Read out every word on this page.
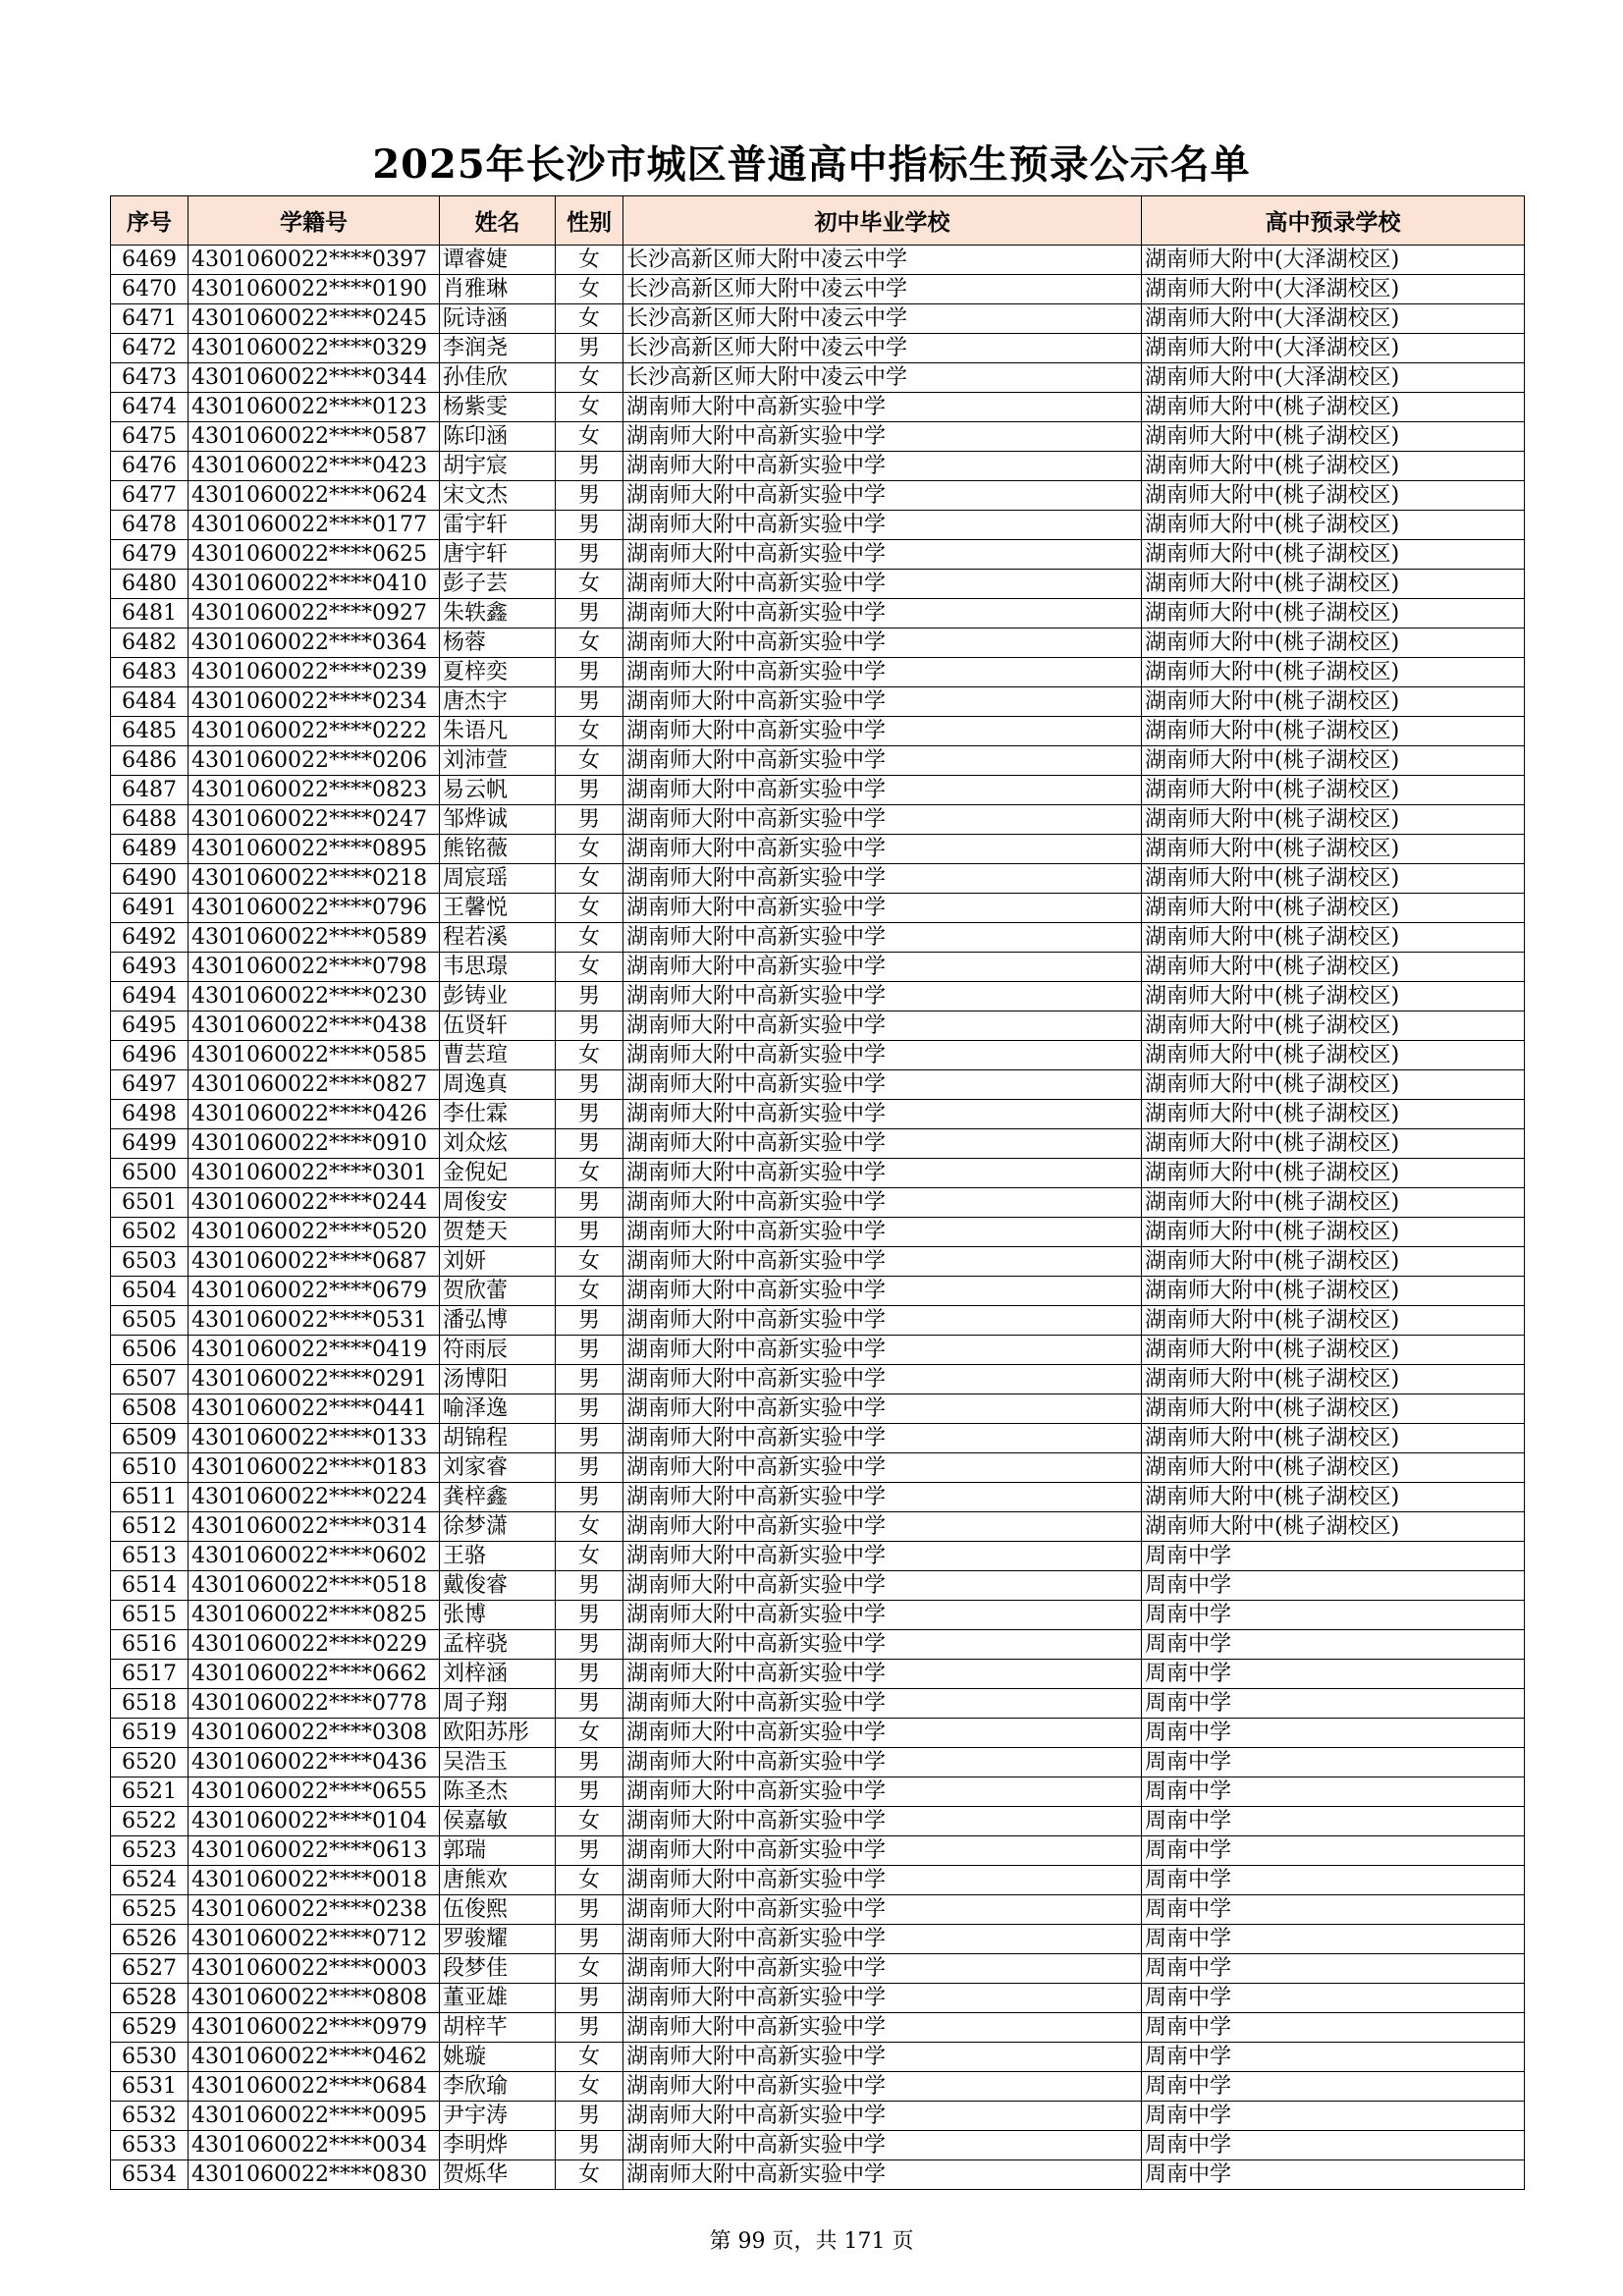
2025年长沙市城区普通高中指标生预录公示名单
序号	学籍号	姓名	性别	初中毕业学校	高中预录学校
6469	4301060022****0397	谭睿婕	女	长沙高新区师大附中凌云中学	湖南师大附中(大泽湖校区)
6470	4301060022****0190	肖雅琳	女	长沙高新区师大附中凌云中学	湖南师大附中(大泽湖校区)
6471	4301060022****0245	阮诗涵	女	长沙高新区师大附中凌云中学	湖南师大附中(大泽湖校区)
6472	4301060022****0329	李润尧	男	长沙高新区师大附中凌云中学	湖南师大附中(大泽湖校区)
6473	4301060022****0344	孙佳欣	女	长沙高新区师大附中凌云中学	湖南师大附中(大泽湖校区)
6474	4301060022****0123	杨紫雯	女	湖南师大附中高新实验中学	湖南师大附中(桃子湖校区)
6475	4301060022****0587	陈印涵	女	湖南师大附中高新实验中学	湖南师大附中(桃子湖校区)
6476	4301060022****0423	胡宇宸	男	湖南师大附中高新实验中学	湖南师大附中(桃子湖校区)
6477	4301060022****0624	宋文杰	男	湖南师大附中高新实验中学	湖南师大附中(桃子湖校区)
6478	4301060022****0177	雷宇轩	男	湖南师大附中高新实验中学	湖南师大附中(桃子湖校区)
6479	4301060022****0625	唐宇轩	男	湖南师大附中高新实验中学	湖南师大附中(桃子湖校区)
6480	4301060022****0410	彭子芸	女	湖南师大附中高新实验中学	湖南师大附中(桃子湖校区)
6481	4301060022****0927	朱轶鑫	男	湖南师大附中高新实验中学	湖南师大附中(桃子湖校区)
6482	4301060022****0364	杨蓉	女	湖南师大附中高新实验中学	湖南师大附中(桃子湖校区)
6483	4301060022****0239	夏梓奕	男	湖南师大附中高新实验中学	湖南师大附中(桃子湖校区)
6484	4301060022****0234	唐杰宇	男	湖南师大附中高新实验中学	湖南师大附中(桃子湖校区)
6485	4301060022****0222	朱语凡	女	湖南师大附中高新实验中学	湖南师大附中(桃子湖校区)
6486	4301060022****0206	刘沛萱	女	湖南师大附中高新实验中学	湖南师大附中(桃子湖校区)
6487	4301060022****0823	易云帆	男	湖南师大附中高新实验中学	湖南师大附中(桃子湖校区)
6488	4301060022****0247	邹烨诚	男	湖南师大附中高新实验中学	湖南师大附中(桃子湖校区)
6489	4301060022****0895	熊铭薇	女	湖南师大附中高新实验中学	湖南师大附中(桃子湖校区)
6490	4301060022****0218	周宸瑶	女	湖南师大附中高新实验中学	湖南师大附中(桃子湖校区)
6491	4301060022****0796	王馨悦	女	湖南师大附中高新实验中学	湖南师大附中(桃子湖校区)
6492	4301060022****0589	程若溪	女	湖南师大附中高新实验中学	湖南师大附中(桃子湖校区)
6493	4301060022****0798	韦思璟	女	湖南师大附中高新实验中学	湖南师大附中(桃子湖校区)
6494	4301060022****0230	彭铸业	男	湖南师大附中高新实验中学	湖南师大附中(桃子湖校区)
6495	4301060022****0438	伍贤轩	男	湖南师大附中高新实验中学	湖南师大附中(桃子湖校区)
6496	4301060022****0585	曹芸瑄	女	湖南师大附中高新实验中学	湖南师大附中(桃子湖校区)
6497	4301060022****0827	周逸真	男	湖南师大附中高新实验中学	湖南师大附中(桃子湖校区)
6498	4301060022****0426	李仕霖	男	湖南师大附中高新实验中学	湖南师大附中(桃子湖校区)
6499	4301060022****0910	刘众炫	男	湖南师大附中高新实验中学	湖南师大附中(桃子湖校区)
6500	4301060022****0301	金倪妃	女	湖南师大附中高新实验中学	湖南师大附中(桃子湖校区)
6501	4301060022****0244	周俊安	男	湖南师大附中高新实验中学	湖南师大附中(桃子湖校区)
6502	4301060022****0520	贺楚天	男	湖南师大附中高新实验中学	湖南师大附中(桃子湖校区)
6503	4301060022****0687	刘妍	女	湖南师大附中高新实验中学	湖南师大附中(桃子湖校区)
6504	4301060022****0679	贺欣蕾	女	湖南师大附中高新实验中学	湖南师大附中(桃子湖校区)
6505	4301060022****0531	潘弘博	男	湖南师大附中高新实验中学	湖南师大附中(桃子湖校区)
6506	4301060022****0419	符雨辰	男	湖南师大附中高新实验中学	湖南师大附中(桃子湖校区)
6507	4301060022****0291	汤博阳	男	湖南师大附中高新实验中学	湖南师大附中(桃子湖校区)
6508	4301060022****0441	喻泽逸	男	湖南师大附中高新实验中学	湖南师大附中(桃子湖校区)
6509	4301060022****0133	胡锦程	男	湖南师大附中高新实验中学	湖南师大附中(桃子湖校区)
6510	4301060022****0183	刘家睿	男	湖南师大附中高新实验中学	湖南师大附中(桃子湖校区)
6511	4301060022****0224	龚梓鑫	男	湖南师大附中高新实验中学	湖南师大附中(桃子湖校区)
6512	4301060022****0314	徐梦潇	女	湖南师大附中高新实验中学	湖南师大附中(桃子湖校区)
6513	4301060022****0602	王骆	女	湖南师大附中高新实验中学	周南中学
6514	4301060022****0518	戴俊睿	男	湖南师大附中高新实验中学	周南中学
6515	4301060022****0825	张博	男	湖南师大附中高新实验中学	周南中学
6516	4301060022****0229	孟梓骁	男	湖南师大附中高新实验中学	周南中学
6517	4301060022****0662	刘梓涵	男	湖南师大附中高新实验中学	周南中学
6518	4301060022****0778	周子翔	男	湖南师大附中高新实验中学	周南中学
6519	4301060022****0308	欧阳苏彤	女	湖南师大附中高新实验中学	周南中学
6520	4301060022****0436	吴浩玉	男	湖南师大附中高新实验中学	周南中学
6521	4301060022****0655	陈圣杰	男	湖南师大附中高新实验中学	周南中学
6522	4301060022****0104	侯嘉敏	女	湖南师大附中高新实验中学	周南中学
6523	4301060022****0613	郭瑞	男	湖南师大附中高新实验中学	周南中学
6524	4301060022****0018	唐熊欢	女	湖南师大附中高新实验中学	周南中学
6525	4301060022****0238	伍俊熙	男	湖南师大附中高新实验中学	周南中学
6526	4301060022****0712	罗骏耀	男	湖南师大附中高新实验中学	周南中学
6527	4301060022****0003	段梦佳	女	湖南师大附中高新实验中学	周南中学
6528	4301060022****0808	董亚雄	男	湖南师大附中高新实验中学	周南中学
6529	4301060022****0979	胡梓芊	男	湖南师大附中高新实验中学	周南中学
6530	4301060022****0462	姚璇	女	湖南师大附中高新实验中学	周南中学
6531	4301060022****0684	李欣瑜	女	湖南师大附中高新实验中学	周南中学
6532	4301060022****0095	尹宇涛	男	湖南师大附中高新实验中学	周南中学
6533	4301060022****0034	李明烨	男	湖南师大附中高新实验中学	周南中学
6534	4301060022****0830	贺烁华	女	湖南师大附中高新实验中学	周南中学
第 99 页，共 171 页
